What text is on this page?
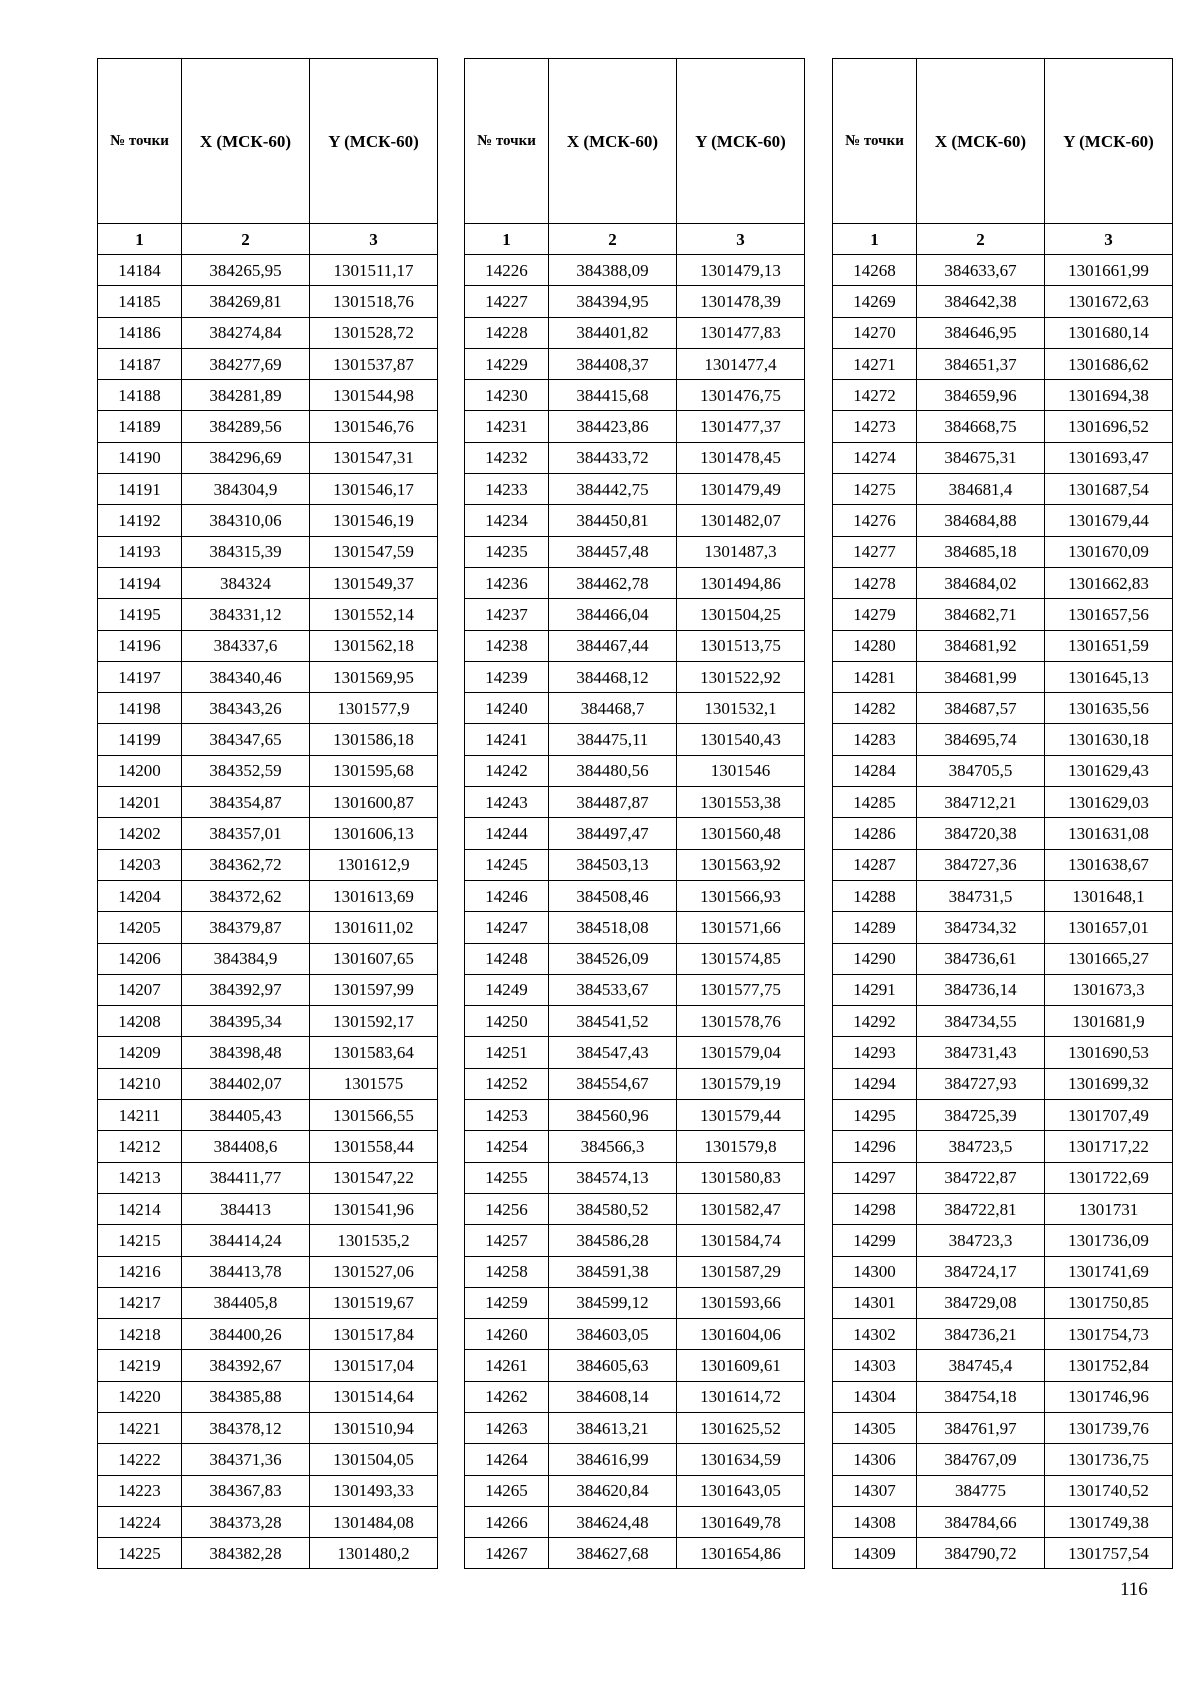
№ точки	X (МСК-60)	Y (МСК-60)
1	2	3
14184	384265,95	1301511,17
14185	384269,81	1301518,76
14186	384274,84	1301528,72
14187	384277,69	1301537,87
14188	384281,89	1301544,98
14189	384289,56	1301546,76
14190	384296,69	1301547,31
14191	384304,9	1301546,17
14192	384310,06	1301546,19
14193	384315,39	1301547,59
14194	384324	1301549,37
14195	384331,12	1301552,14
14196	384337,6	1301562,18
14197	384340,46	1301569,95
14198	384343,26	1301577,9
14199	384347,65	1301586,18
14200	384352,59	1301595,68
14201	384354,87	1301600,87
14202	384357,01	1301606,13
14203	384362,72	1301612,9
14204	384372,62	1301613,69
14205	384379,87	1301611,02
14206	384384,9	1301607,65
14207	384392,97	1301597,99
14208	384395,34	1301592,17
14209	384398,48	1301583,64
14210	384402,07	1301575
14211	384405,43	1301566,55
14212	384408,6	1301558,44
14213	384411,77	1301547,22
14214	384413	1301541,96
14215	384414,24	1301535,2
14216	384413,78	1301527,06
14217	384405,8	1301519,67
14218	384400,26	1301517,84
14219	384392,67	1301517,04
14220	384385,88	1301514,64
14221	384378,12	1301510,94
14222	384371,36	1301504,05
14223	384367,83	1301493,33
14224	384373,28	1301484,08
14225	384382,28	1301480,2
№ точки	X (МСК-60)	Y (МСК-60)
1	2	3
14226	384388,09	1301479,13
14227	384394,95	1301478,39
14228	384401,82	1301477,83
14229	384408,37	1301477,4
14230	384415,68	1301476,75
14231	384423,86	1301477,37
14232	384433,72	1301478,45
14233	384442,75	1301479,49
14234	384450,81	1301482,07
14235	384457,48	1301487,3
14236	384462,78	1301494,86
14237	384466,04	1301504,25
14238	384467,44	1301513,75
14239	384468,12	1301522,92
14240	384468,7	1301532,1
14241	384475,11	1301540,43
14242	384480,56	1301546
14243	384487,87	1301553,38
14244	384497,47	1301560,48
14245	384503,13	1301563,92
14246	384508,46	1301566,93
14247	384518,08	1301571,66
14248	384526,09	1301574,85
14249	384533,67	1301577,75
14250	384541,52	1301578,76
14251	384547,43	1301579,04
14252	384554,67	1301579,19
14253	384560,96	1301579,44
14254	384566,3	1301579,8
14255	384574,13	1301580,83
14256	384580,52	1301582,47
14257	384586,28	1301584,74
14258	384591,38	1301587,29
14259	384599,12	1301593,66
14260	384603,05	1301604,06
14261	384605,63	1301609,61
14262	384608,14	1301614,72
14263	384613,21	1301625,52
14264	384616,99	1301634,59
14265	384620,84	1301643,05
14266	384624,48	1301649,78
14267	384627,68	1301654,86
№ точки	X (МСК-60)	Y (МСК-60)
1	2	3
14268	384633,67	1301661,99
14269	384642,38	1301672,63
14270	384646,95	1301680,14
14271	384651,37	1301686,62
14272	384659,96	1301694,38
14273	384668,75	1301696,52
14274	384675,31	1301693,47
14275	384681,4	1301687,54
14276	384684,88	1301679,44
14277	384685,18	1301670,09
14278	384684,02	1301662,83
14279	384682,71	1301657,56
14280	384681,92	1301651,59
14281	384681,99	1301645,13
14282	384687,57	1301635,56
14283	384695,74	1301630,18
14284	384705,5	1301629,43
14285	384712,21	1301629,03
14286	384720,38	1301631,08
14287	384727,36	1301638,67
14288	384731,5	1301648,1
14289	384734,32	1301657,01
14290	384736,61	1301665,27
14291	384736,14	1301673,3
14292	384734,55	1301681,9
14293	384731,43	1301690,53
14294	384727,93	1301699,32
14295	384725,39	1301707,49
14296	384723,5	1301717,22
14297	384722,87	1301722,69
14298	384722,81	1301731
14299	384723,3	1301736,09
14300	384724,17	1301741,69
14301	384729,08	1301750,85
14302	384736,21	1301754,73
14303	384745,4	1301752,84
14304	384754,18	1301746,96
14305	384761,97	1301739,76
14306	384767,09	1301736,75
14307	384775	1301740,52
14308	384784,66	1301749,38
14309	384790,72	1301757,54
116
